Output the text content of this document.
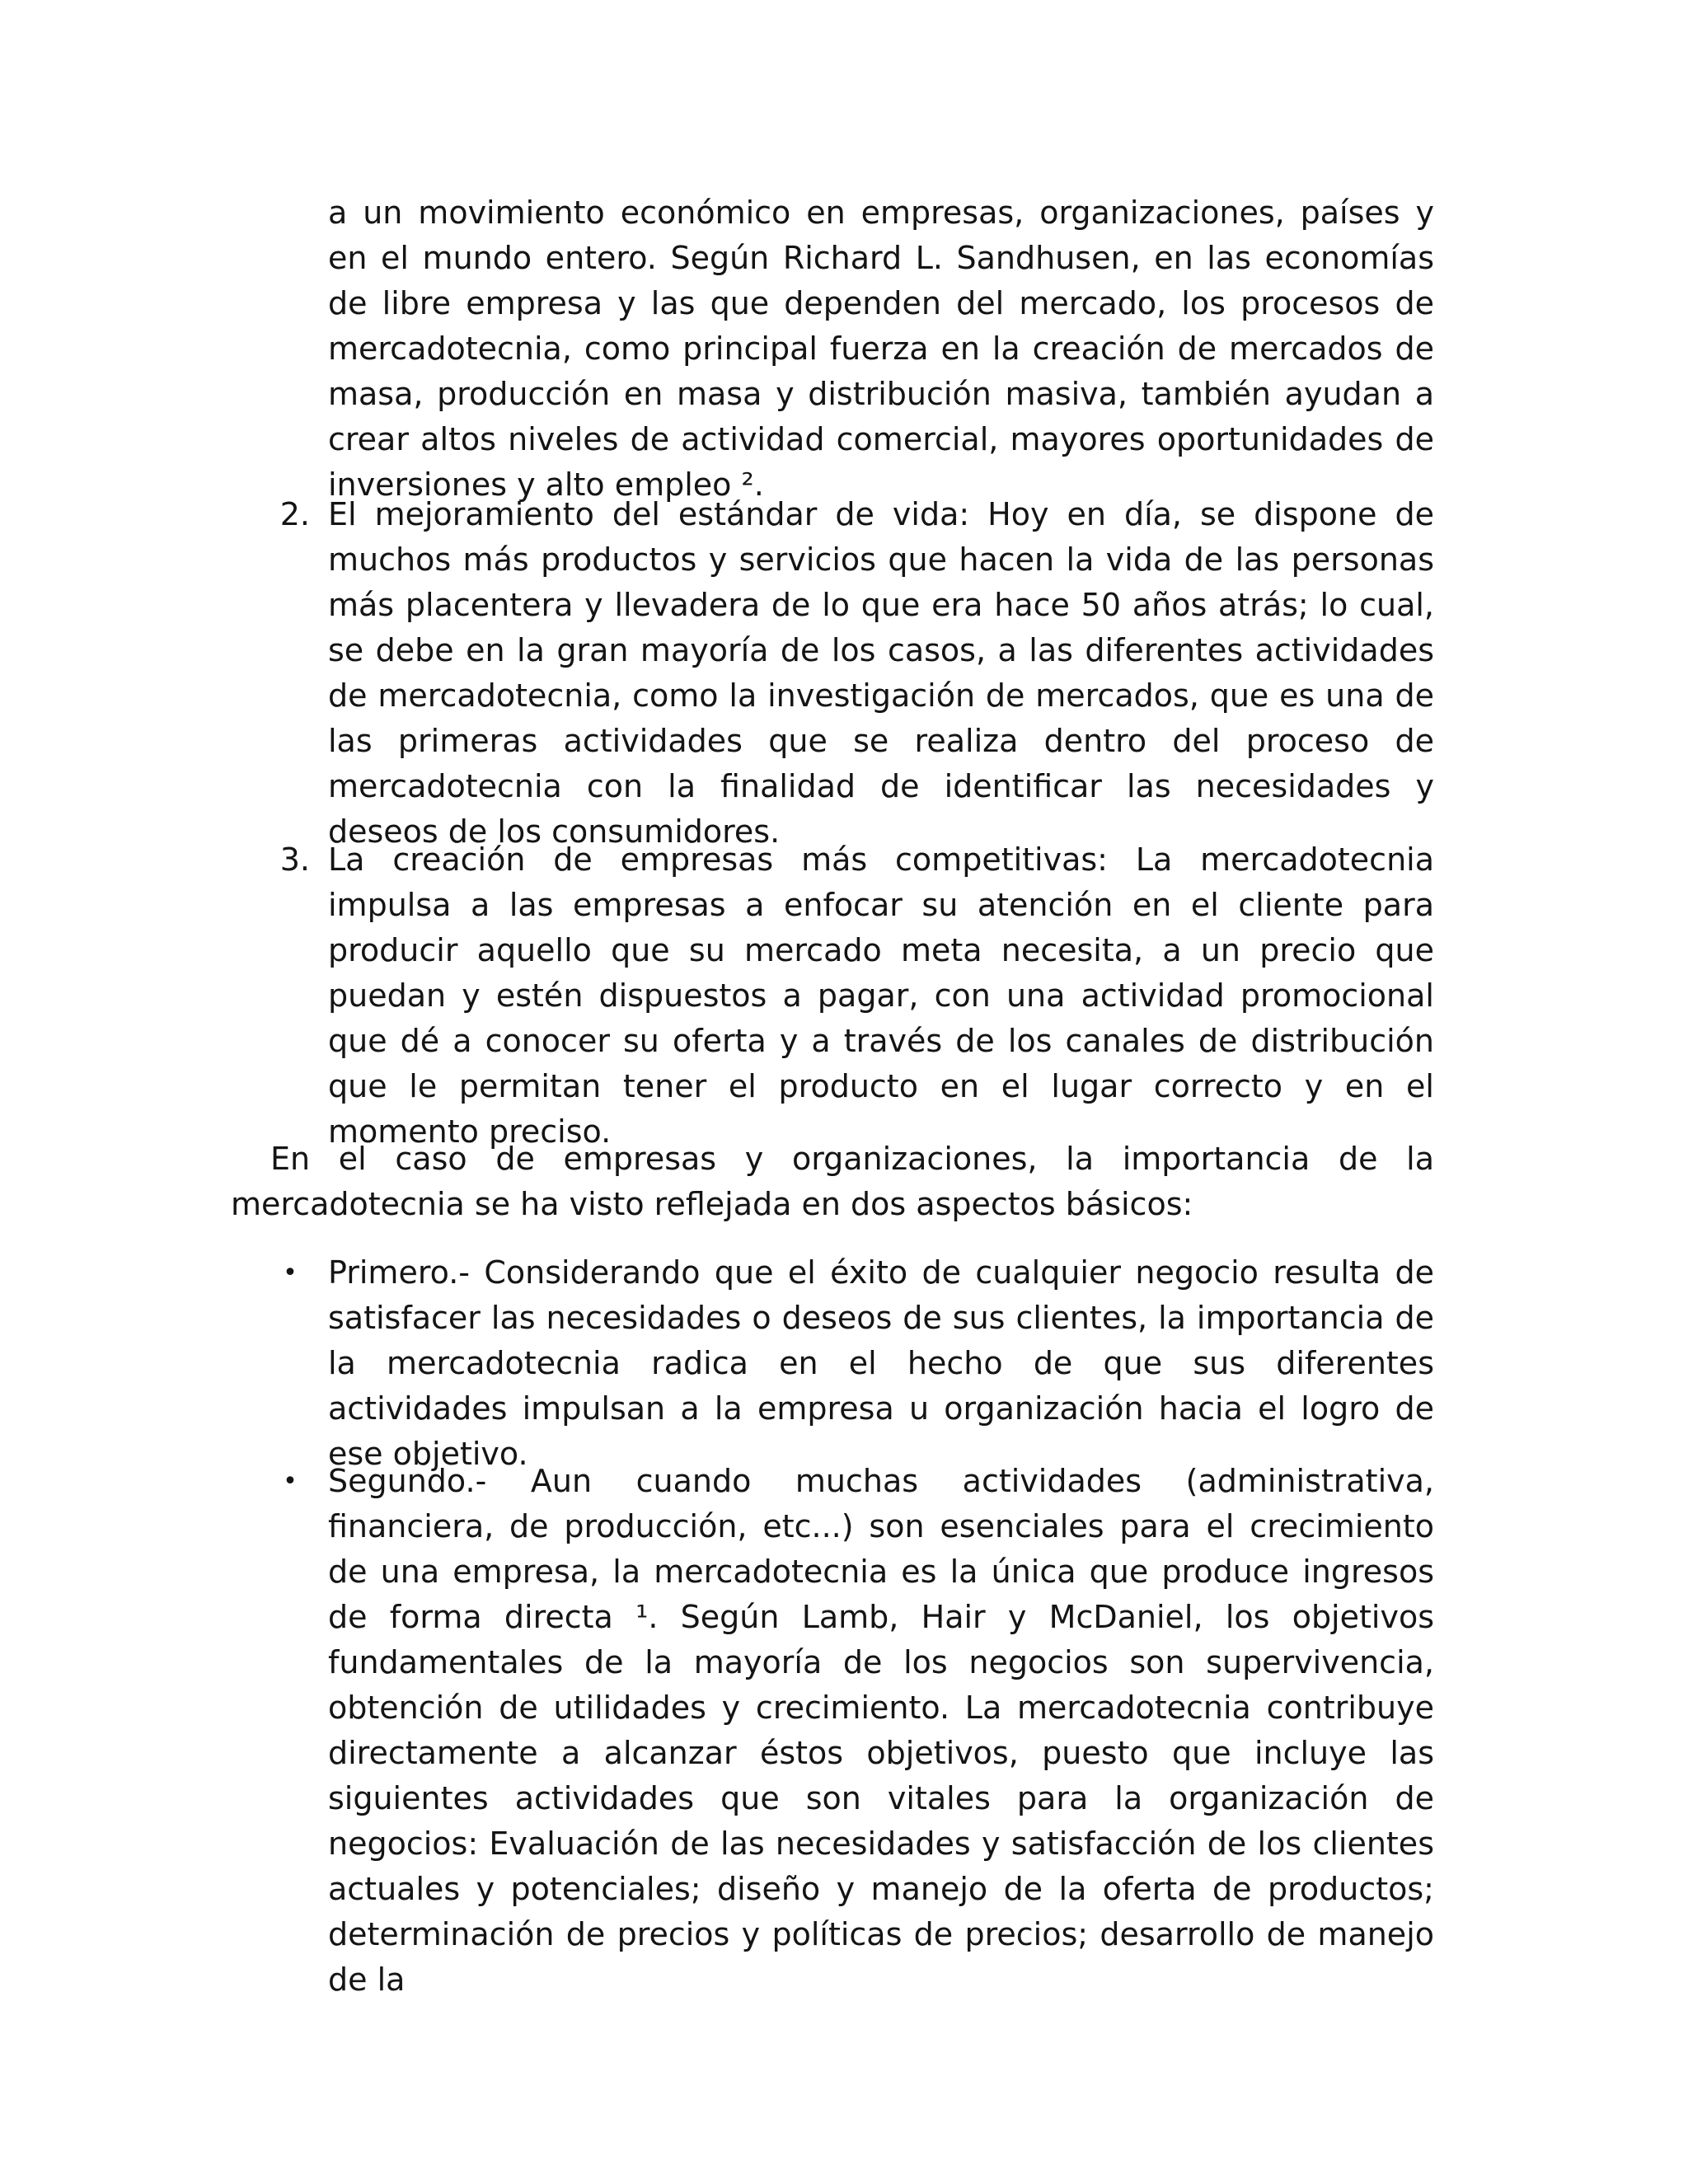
a un movimiento económico en empresas, organizaciones, países y en el mundo entero. Según Richard L. Sandhusen, en las economías de libre empresa y las que dependen del mercado, los procesos de mercadotecnia, como principal fuerza en la creación de mercados de masa, producción en masa y distribución masiva, también ayudan a crear altos niveles de actividad comercial, mayores oportunidades de inversiones y alto empleo ².

2. El mejoramiento del estándar de vida: Hoy en día, se dispone de muchos más productos y servicios que hacen la vida de las personas más placentera y llevadera de lo que era hace 50 años atrás; lo cual, se debe en la gran mayoría de los casos, a las diferentes actividades de mercadotecnia, como la investigación de mercados, que es una de las primeras actividades que se realiza dentro del proceso de mercadotecnia con la finalidad de identificar las necesidades y deseos de los consumidores.
3. La creación de empresas más competitivas: La mercadotecnia impulsa a las empresas a enfocar su atención en el cliente para producir aquello que su mercado meta necesita, a un precio que puedan y estén dispuestos a pagar, con una actividad promocional que dé a conocer su oferta y a través de los canales de distribución que le permitan tener el producto en el lugar correcto y en el momento preciso.

En el caso de empresas y organizaciones, la importancia de la mercadotecnia se ha visto reflejada en dos aspectos básicos:

• Primero.- Considerando que el éxito de cualquier negocio resulta de satisfacer las necesidades o deseos de sus clientes, la importancia de la mercadotecnia radica en el hecho de que sus diferentes actividades impulsan a la empresa u organización hacia el logro de ese objetivo.
• Segundo.- Aun cuando muchas actividades (administrativa, financiera, de producción, etc...) son esenciales para el crecimiento de una empresa, la mercadotecnia es la única que produce ingresos de forma directa ¹. Según Lamb, Hair y McDaniel, los objetivos fundamentales de la mayoría de los negocios son supervivencia, obtención de utilidades y crecimiento. La mercadotecnia contribuye directamente a alcanzar éstos objetivos, puesto que incluye las siguientes actividades que son vitales para la organización de negocios: Evaluación de las necesidades y satisfacción de los clientes actuales y potenciales; diseño y manejo de la oferta de productos; determinación de precios y políticas de precios; desarrollo de manejo de la
